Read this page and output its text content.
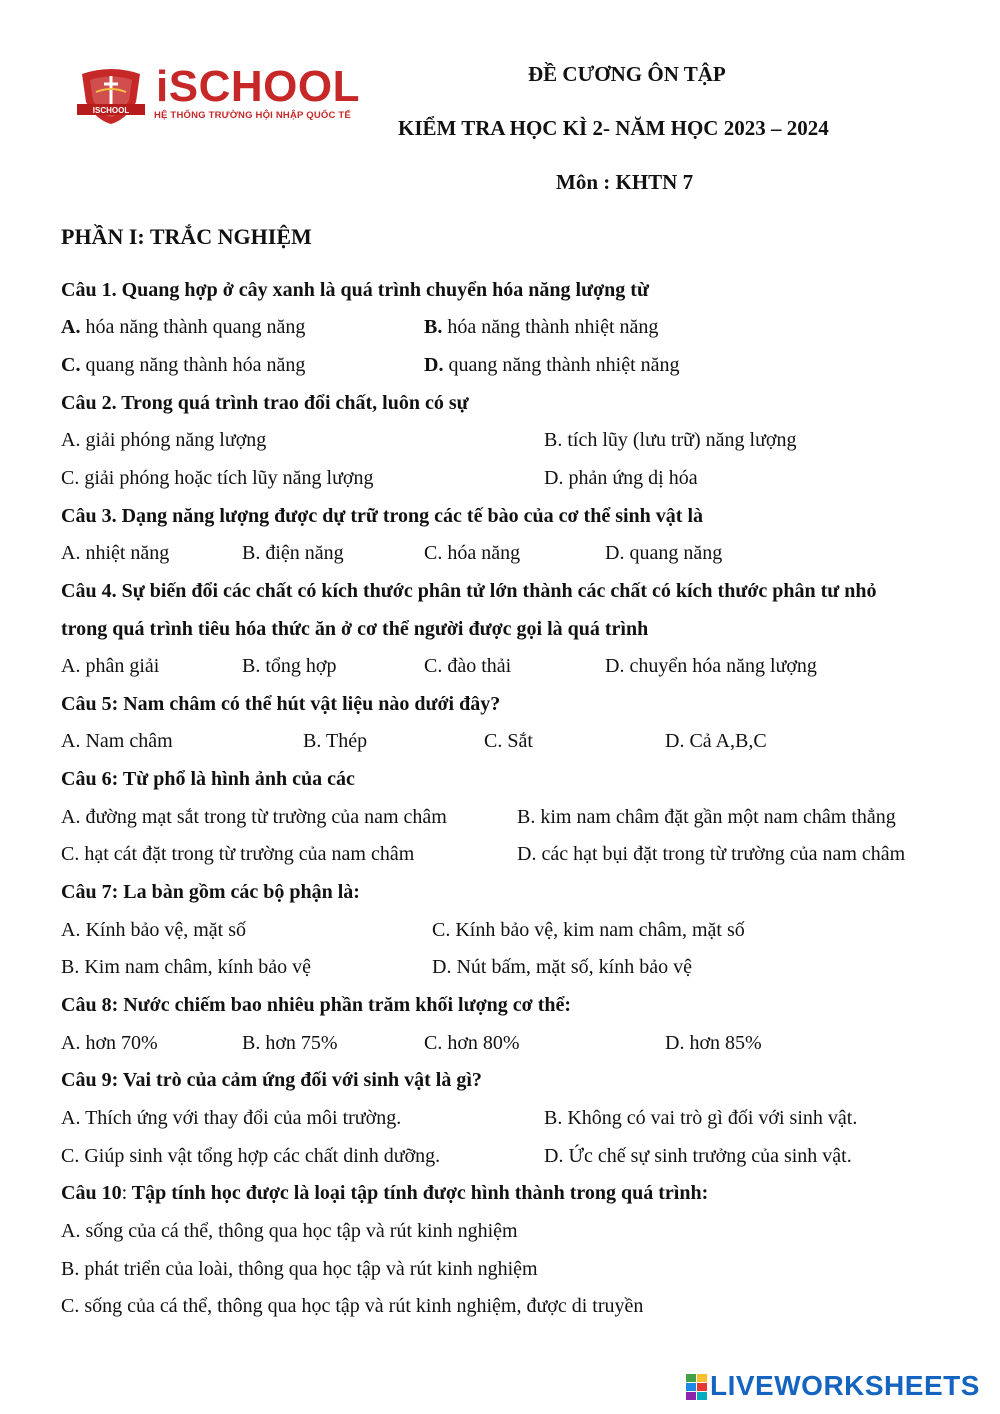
ISCHOOL iSCHOOL
HỆ THỐNG TRƯỜNG HỘI NHẬP QUỐC TẾ
ĐỀ CƯƠNG ÔN TẬP
KIỂM TRA HỌC KÌ 2- NĂM HỌC 2023 – 2024
Môn : KHTN 7
PHẦN I: TRẮC NGHIỆM
Câu 1. Quang hợp ở cây xanh là quá trình chuyển hóa năng lượng từ
A. hóa năng thành quang năng	B. hóa năng thành nhiệt năng
C. quang năng thành hóa năng	D. quang năng thành nhiệt năng
Câu 2. Trong quá trình trao đổi chất, luôn có sự
A. giải phóng năng lượng	B. tích lũy (lưu trữ) năng lượng
C. giải phóng hoặc tích lũy năng lượng	D. phản ứng dị hóa
Câu 3. Dạng năng lượng được dự trữ trong các tế bào của cơ thể sinh vật là
A. nhiệt năng	B. điện năng	C. hóa năng	D. quang năng
Câu 4. Sự biến đổi các chất có kích thước phân tử lớn thành các chất có kích thước phân tư nhỏ
trong quá trình tiêu hóa thức ăn ở cơ thể người được gọi là quá trình
A. phân giải	B. tổng hợp	C. đào thải	D. chuyển hóa năng lượng
Câu 5: Nam châm có thể hút vật liệu nào dưới đây?
A. Nam châm	B. Thép	C. Sắt	D. Cả A,B,C
Câu 6: Từ phổ là hình ảnh của các
A. đường mạt sắt trong từ trường của nam châm	B. kim nam châm đặt gần một nam châm thẳng
C. hạt cát đặt trong từ trường của nam châm	D. các hạt bụi đặt trong từ trường của nam châm
Câu 7: La bàn gồm các bộ phận là:
A. Kính bảo vệ, mặt số	C. Kính bảo vệ, kim nam châm, mặt số
B. Kim nam châm, kính bảo vệ	D. Nút bấm, mặt số, kính bảo vệ
Câu 8: Nước chiếm bao nhiêu phần trăm khối lượng cơ thể:
A. hơn 70%	B. hơn 75%	C. hơn 80%	D. hơn 85%
Câu 9: Vai trò của cảm ứng đối với sinh vật là gì?
A. Thích ứng với thay đổi của môi trường.	B. Không có vai trò gì đối với sinh vật.
C. Giúp sinh vật tổng hợp các chất dinh dưỡng.	D. Ức chế sự sinh trưởng của sinh vật.
Câu 10: Tập tính học được là loại tập tính được hình thành trong quá trình:
A. sống của cá thể, thông qua học tập và rút kinh nghiệm
B. phát triển của loài, thông qua học tập và rút kinh nghiệm
C. sống của cá thể, thông qua học tập và rút kinh nghiệm, được di truyền
LIVEWORKSHEETS
